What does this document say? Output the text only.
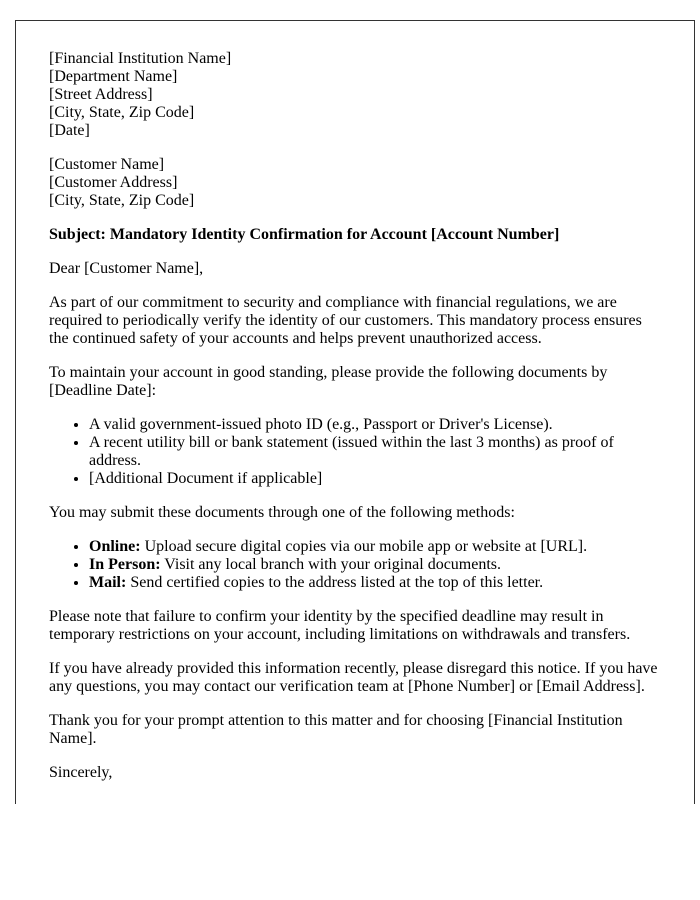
[Financial Institution Name]
[Department Name]
[Street Address]
[City, State, Zip Code]
[Date]

[Customer Name]
[Customer Address]
[City, State, Zip Code]

Subject: Mandatory Identity Confirmation for Account [Account Number]

Dear [Customer Name],

As part of our commitment to security and compliance with financial regulations, we are required to periodically verify the identity of our customers. This mandatory process ensures the continued safety of your accounts and helps prevent unauthorized access.

To maintain your account in good standing, please provide the following documents by [Deadline Date]:

• A valid government-issued photo ID (e.g., Passport or Driver's License).
• A recent utility bill or bank statement (issued within the last 3 months) as proof of address.
• [Additional Document if applicable]

You may submit these documents through one of the following methods:

• Online: Upload secure digital copies via our mobile app or website at [URL].
• In Person: Visit any local branch with your original documents.
• Mail: Send certified copies to the address listed at the top of this letter.

Please note that failure to confirm your identity by the specified deadline may result in temporary restrictions on your account, including limitations on withdrawals and transfers.

If you have already provided this information recently, please disregard this notice. If you have any questions, you may contact our verification team at [Phone Number] or [Email Address].

Thank you for your prompt attention to this matter and for choosing [Financial Institution Name].

Sincerely,
